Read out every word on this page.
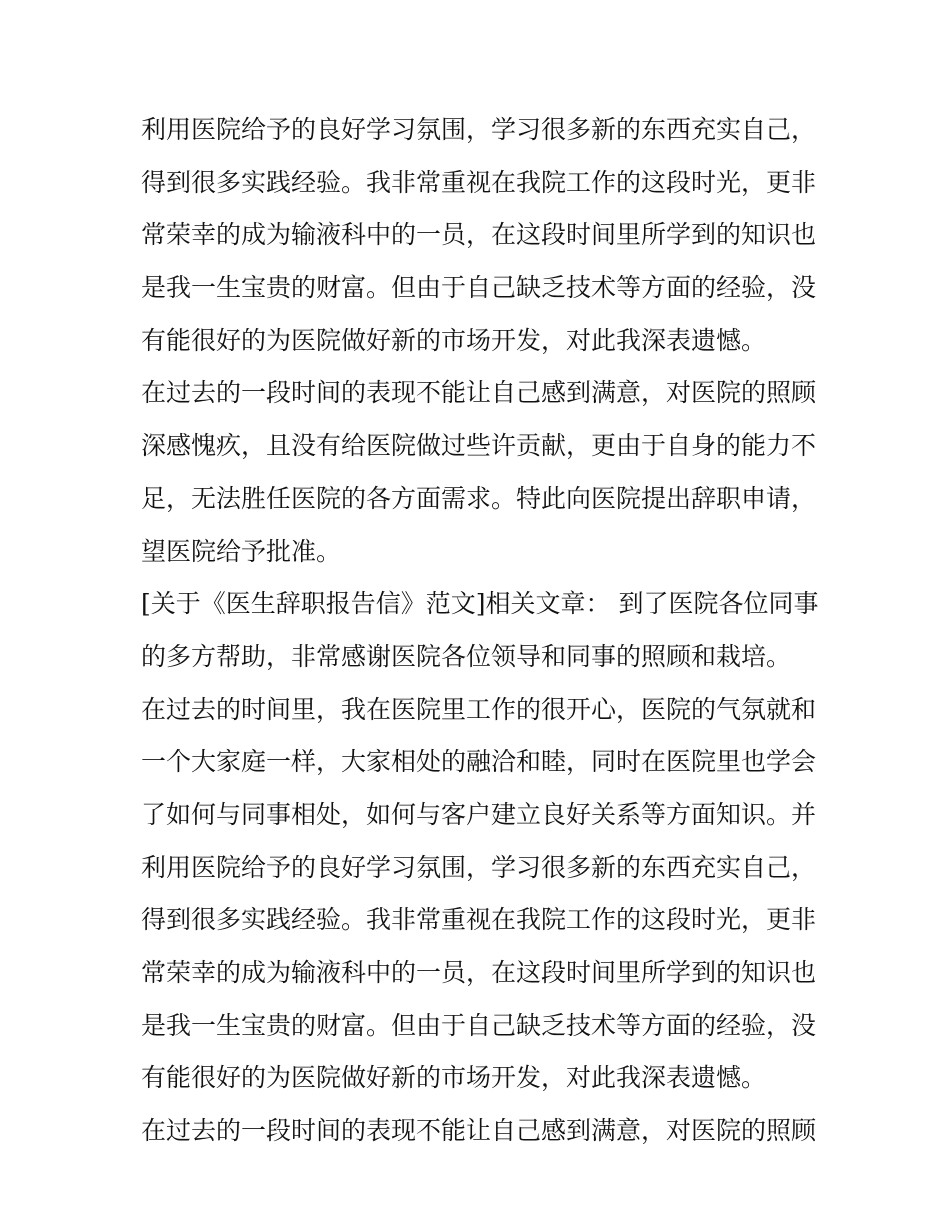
利用医院给予的良好学习氛围，学习很多新的东西充实自己，
得到很多实践经验。我非常重视在我院工作的这段时光，更非
常荣幸的成为输液科中的一员，在这段时间里所学到的知识也
是我一生宝贵的财富。但由于自己缺乏技术等方面的经验，没
有能很好的为医院做好新的市场开发，对此我深表遗憾。
在过去的一段时间的表现不能让自己感到满意，对医院的照顾
深感愧疚，且没有给医院做过些许贡献，更由于自身的能力不
足，无法胜任医院的各方面需求。特此向医院提出辞职申请，
望医院给予批准。
[关于《医生辞职报告信》范文]相关文章： 到了医院各位同事
的多方帮助，非常感谢医院各位领导和同事的照顾和栽培。
在过去的时间里，我在医院里工作的很开心，医院的气氛就和
一个大家庭一样，大家相处的融洽和睦，同时在医院里也学会
了如何与同事相处，如何与客户建立良好关系等方面知识。并
利用医院给予的良好学习氛围，学习很多新的东西充实自己，
得到很多实践经验。我非常重视在我院工作的这段时光，更非
常荣幸的成为输液科中的一员，在这段时间里所学到的知识也
是我一生宝贵的财富。但由于自己缺乏技术等方面的经验，没
有能很好的为医院做好新的市场开发，对此我深表遗憾。
在过去的一段时间的表现不能让自己感到满意，对医院的照顾
